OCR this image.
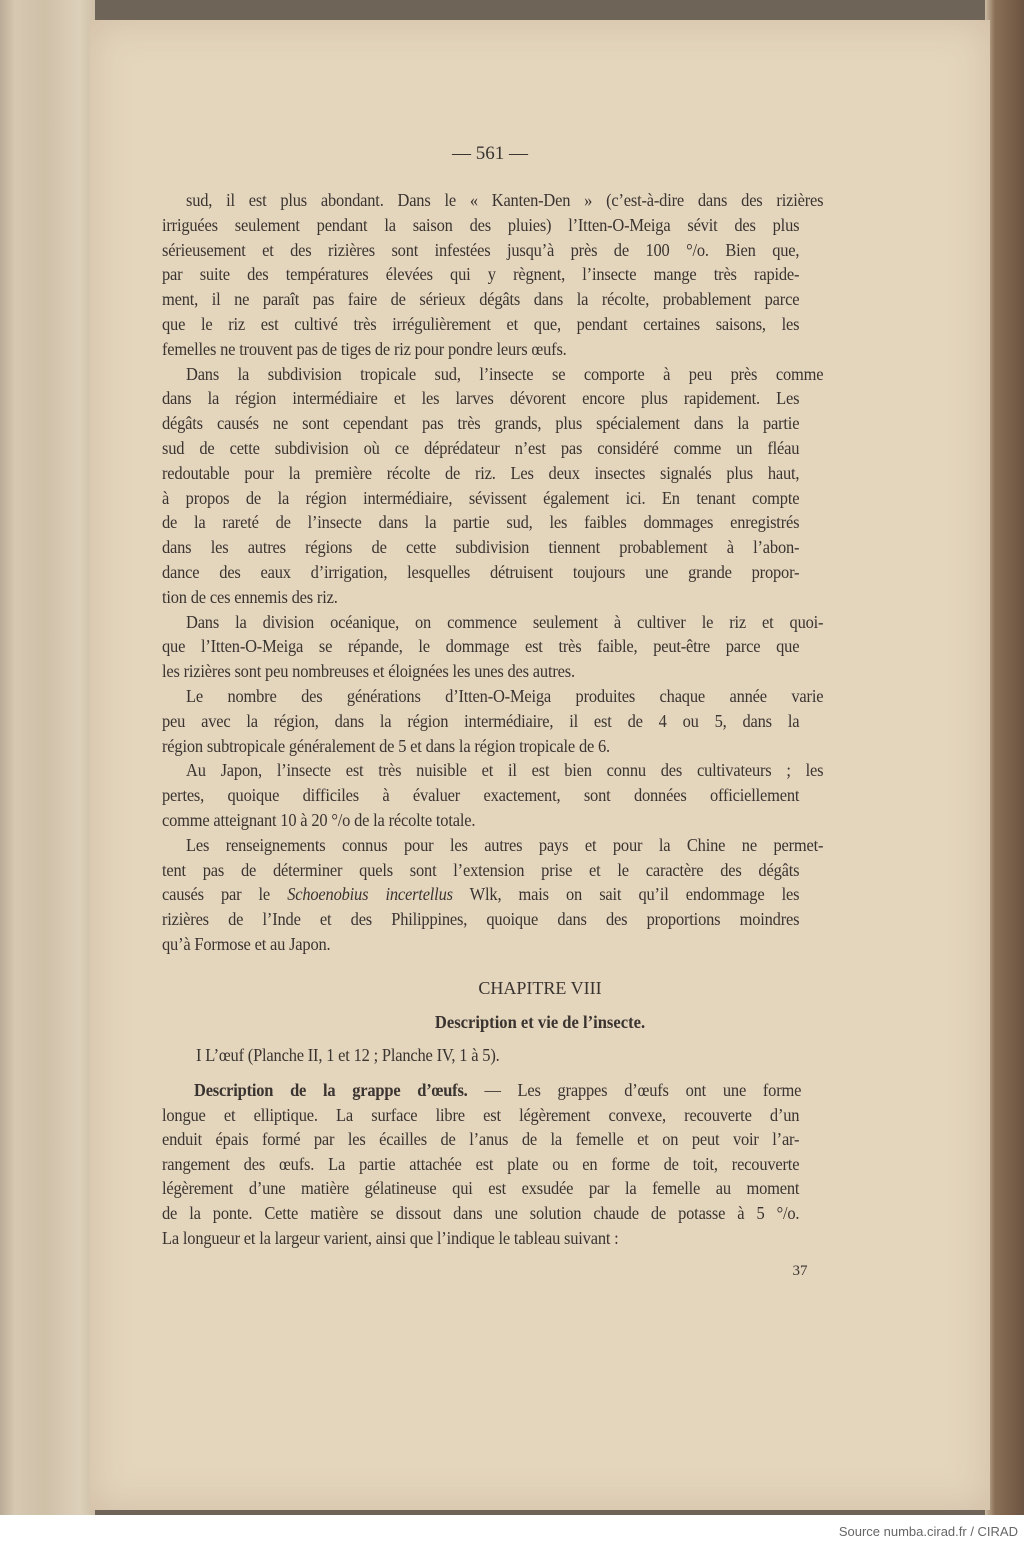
— 561 —
sud, il est plus abondant. Dans le « Kanten-Den » (c’est-à-dire dans des rizières
irriguées seulement pendant la saison des pluies) l’Itten-O-Meiga sévit des plus
sérieusement et des rizières sont infestées jusqu’à près de 100 °/o. Bien que,
par suite des températures élevées qui y règnent, l’insecte mange très rapide-
ment, il ne paraît pas faire de sérieux dégâts dans la récolte, probablement parce
que le riz est cultivé très irrégulièrement et que, pendant certaines saisons, les
femelles ne trouvent pas de tiges de riz pour pondre leurs œufs.
Dans la subdivision tropicale sud, l’insecte se comporte à peu près comme
dans la région intermédiaire et les larves dévorent encore plus rapidement. Les
dégâts causés ne sont cependant pas très grands, plus spécialement dans la partie
sud de cette subdivision où ce déprédateur n’est pas considéré comme un fléau
redoutable pour la première récolte de riz. Les deux insectes signalés plus haut,
à propos de la région intermédiaire, sévissent également ici. En tenant compte
de la rareté de l’insecte dans la partie sud, les faibles dommages enregistrés
dans les autres régions de cette subdivision tiennent probablement à l’abon-
dance des eaux d’irrigation, lesquelles détruisent toujours une grande propor-
tion de ces ennemis des riz.
Dans la division océanique, on commence seulement à cultiver le riz et quoi-
que l’Itten-O-Meiga se répande, le dommage est très faible, peut-être parce que
les rizières sont peu nombreuses et éloignées les unes des autres.
Le nombre des générations d’Itten-O-Meiga produites chaque année varie
peu avec la région, dans la région intermédiaire, il est de 4 ou 5, dans la
région subtropicale généralement de 5 et dans la région tropicale de 6.
Au Japon, l’insecte est très nuisible et il est bien connu des cultivateurs ; les
pertes, quoique difficiles à évaluer exactement, sont données officiellement
comme atteignant 10 à 20 °/o de la récolte totale.
Les renseignements connus pour les autres pays et pour la Chine ne permet-
tent pas de déterminer quels sont l’extension prise et le caractère des dégâts
causés par le Schoenobius incertellus Wlk, mais on sait qu’il endommage les
rizières de l’Inde et des Philippines, quoique dans des proportions moindres
qu’à Formose et au Japon.
CHAPITRE VIII
Description et vie de l’insecte.
I L’œuf (Planche II, 1 et 12 ; Planche IV, 1 à 5).
Description de la grappe d’œufs. — Les grappes d’œufs ont une forme
longue et elliptique. La surface libre est légèrement convexe, recouverte d’un
enduit épais formé par les écailles de l’anus de la femelle et on peut voir l’ar-
rangement des œufs. La partie attachée est plate ou en forme de toit, recouverte
légèrement d’une matière gélatineuse qui est exsudée par la femelle au moment
de la ponte. Cette matière se dissout dans une solution chaude de potasse à 5 °/o.
La longueur et la largeur varient, ainsi que l’indique le tableau suivant :
37
Source numba.cirad.fr / CIRAD
